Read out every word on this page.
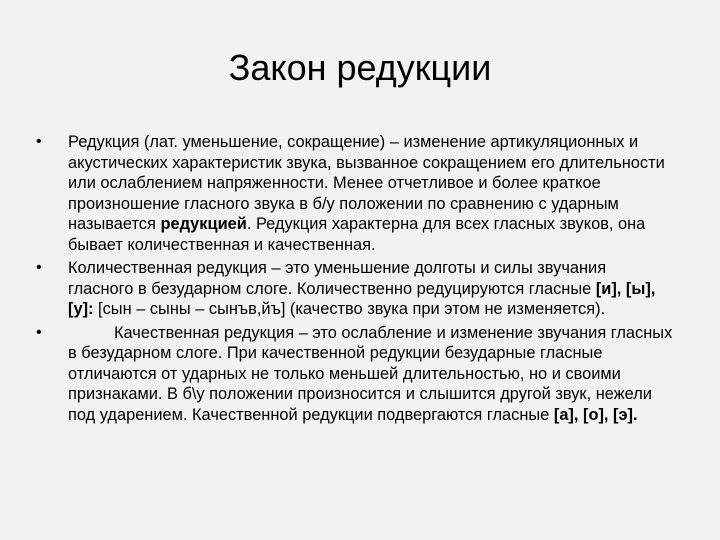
Закон редукции
• Редукция (лат. уменьшение, сокращение) – изменение артикуляционных и акустических характеристик звука, вызванное сокращением его длительности или ослаблением напряженности. Менее отчетливое и более краткое произношение гласного звука в б/у положении по сравнению с ударным называется редукцией. Редукция характерна для всех гласных звуков, она бывает количественная и качественная.
• Количественная редукция – это уменьшение долготы и силы звучания гласного в безударном слоге. Количественно редуцируются гласные [и], [ы], [у]: [сын – сыны – сынъв,йъ] (качество звука при этом не изменяется).
•	Качественная редукция – это ослабление и изменение звучания гласных в безударном слоге. При качественной редукции безударные гласные отличаются от ударных не только меньшей длительностью, но и своими признаками. В б\у положении произносится и слышится другой звук, нежели под ударением. Качественной редукции подвергаются гласные [а], [о], [э].
